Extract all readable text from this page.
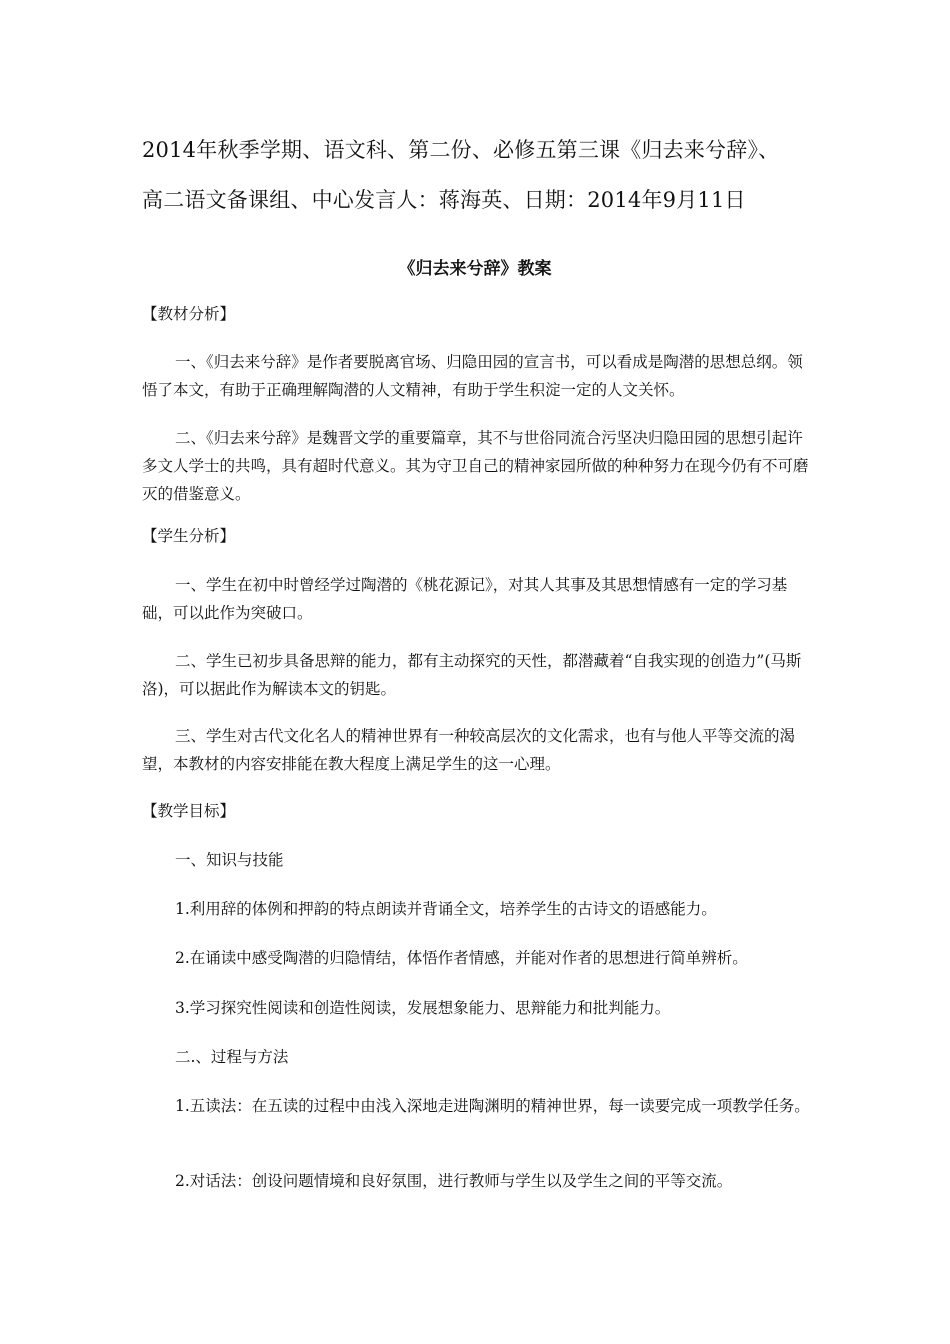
2014年秋季学期、语文科、第二份、必修五第三课《归去来兮辞》、
高二语文备课组、中心发言人：蒋海英、日期：2014年9月11日
《归去来兮辞》教案
【教材分析】
一、《归去来兮辞》是作者要脱离官场、归隐田园的宣言书，可以看成是陶潜的思想总纲。领悟了本文，有助于正确理解陶潜的人文精神，有助于学生积淀一定的人文关怀。
二、《归去来兮辞》是魏晋文学的重要篇章，其不与世俗同流合污坚决归隐田园的思想引起许多文人学士的共鸣，具有超时代意义。其为守卫自己的精神家园所做的种种努力在现今仍有不可磨灭的借鉴意义。
【学生分析】
一、学生在初中时曾经学过陶潜的《桃花源记》，对其人其事及其思想情感有一定的学习基础，可以此作为突破口。
二、学生已初步具备思辩的能力，都有主动探究的天性，都潜藏着“自我实现的创造力”(马斯洛)，可以据此作为解读本文的钥匙。
三、学生对古代文化名人的精神世界有一种较高层次的文化需求，也有与他人平等交流的渴望，本教材的内容安排能在教大程度上满足学生的这一心理。
【教学目标】
一、知识与技能
1.利用辞的体例和押韵的特点朗读并背诵全文，培养学生的古诗文的语感能力。
2.在诵读中感受陶潜的归隐情结，体悟作者情感，并能对作者的思想进行简单辨析。
3.学习探究性阅读和创造性阅读，发展想象能力、思辩能力和批判能力。
二.、过程与方法
1.五读法：在五读的过程中由浅入深地走进陶渊明的精神世界，每一读要完成一项教学任务。
2.对话法：创设问题情境和良好氛围，进行教师与学生以及学生之间的平等交流。
